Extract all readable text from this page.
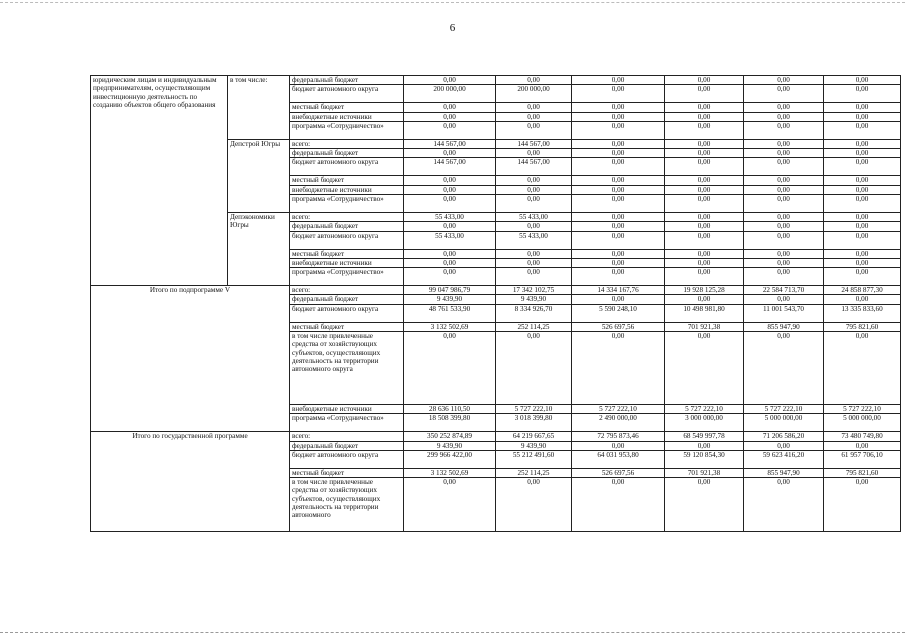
6
юридическим лицам и индивидуальным предпринимателям, осуществляющим инвестиционную деятельность по созданию объектов общего образования	в том числе:	федеральный бюджет	0,00	0,00	0,00	0,00	0,00	0,00
		бюджет автономного округа	200 000,00	200 000,00	0,00	0,00	0,00	0,00
		местный бюджет	0,00	0,00	0,00	0,00	0,00	0,00
		внебюджетные источники	0,00	0,00	0,00	0,00	0,00	0,00
		программа «Сотрудничество»	0,00	0,00	0,00	0,00	0,00	0,00
	Депстрой Югры	всего:	144 567,00	144 567,00	0,00	0,00	0,00	0,00
		федеральный бюджет	0,00	0,00	0,00	0,00	0,00	0,00
		бюджет автономного округа	144 567,00	144 567,00	0,00	0,00	0,00	0,00
		местный бюджет	0,00	0,00	0,00	0,00	0,00	0,00
		внебюджетные источники	0,00	0,00	0,00	0,00	0,00	0,00
		программа «Сотрудничество»	0,00	0,00	0,00	0,00	0,00	0,00
	Депэкономики Югры	всего:	55 433,00	55 433,00	0,00	0,00	0,00	0,00
		федеральный бюджет	0,00	0,00	0,00	0,00	0,00	0,00
		бюджет автономного округа	55 433,00	55 433,00	0,00	0,00	0,00	0,00
		местный бюджет	0,00	0,00	0,00	0,00	0,00	0,00
		внебюджетные источники	0,00	0,00	0,00	0,00	0,00	0,00
		программа «Сотрудничество»	0,00	0,00	0,00	0,00	0,00	0,00
Итого по подпрограмме V		всего:	99 047 986,79	17 342 102,75	14 334 167,76	19 928 125,28	22 584 713,70	24 858 877,30
		федеральный бюджет	9 439,90	9 439,90	0,00	0,00	0,00	0,00
		бюджет автономного округа	48 761 533,90	8 334 926,70	5 590 248,10	10 498 981,80	11 001 543,70	13 335 833,60
		местный бюджет	3 132 502,69	252 114,25	526 697,56	701 921,38	855 947,90	795 821,60
		в том числе привлеченные средства от хозяйствующих субъектов, осуществляющих деятельность на территории автономного округа	0,00	0,00	0,00	0,00	0,00	0,00
		внебюджетные источники	28 636 110,50	5 727 222,10	5 727 222,10	5 727 222,10	5 727 222,10	5 727 222,10
		программа «Сотрудничество»	18 508 399,80	3 018 399,80	2 490 000,00	3 000 000,00	5 000 000,00	5 000 000,00
Итого по государственной программе		всего:	350 252 874,89	64 219 667,65	72 795 873,46	68 549 997,78	71 206 586,20	73 480 749,80
		федеральный бюджет	9 439,90	9 439,90	0,00	0,00	0,00	0,00
		бюджет автономного округа	299 966 422,00	55 212 491,60	64 031 953,80	59 120 854,30	59 623 416,20	61 957 706,10
		местный бюджет	3 132 502,69	252 114,25	526 697,56	701 921,38	855 947,90	795 821,60
		в том числе привлеченные средства от хозяйствующих субъектов, осуществляющих деятельность на территории автономного	0,00	0,00	0,00	0,00	0,00	0,00
